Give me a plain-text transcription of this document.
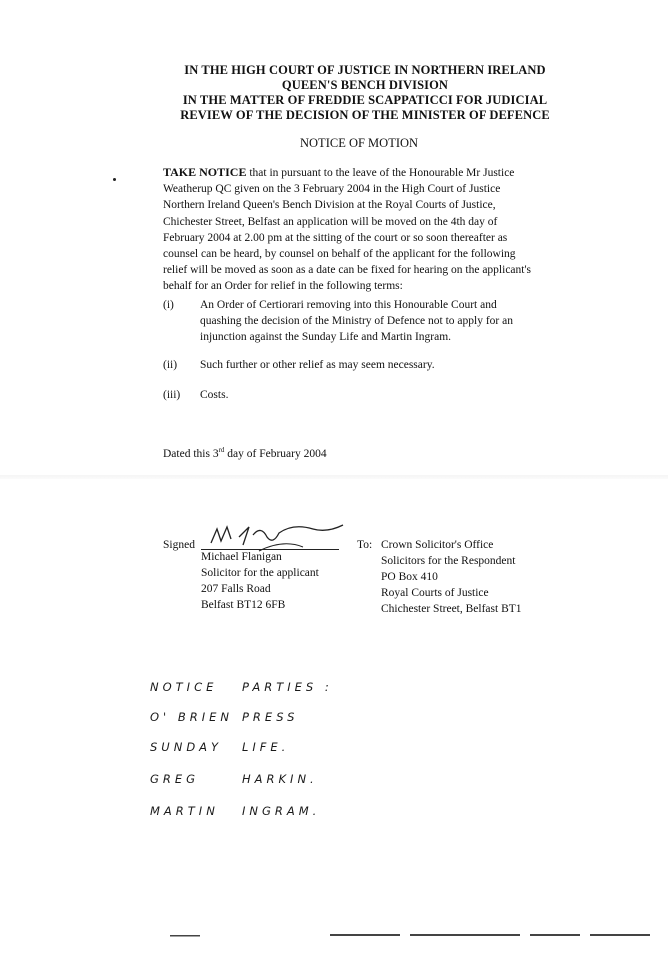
IN THE HIGH COURT OF JUSTICE IN NORTHERN IRELAND
QUEEN'S BENCH DIVISION
IN THE MATTER OF FREDDIE SCAPPATICCI FOR JUDICIAL
REVIEW OF THE DECISION OF THE MINISTER OF DEFENCE
NOTICE OF MOTION
TAKE NOTICE that in pursuant to the leave of the Honourable Mr Justice
Weatherup QC given on the 3 February 2004 in the High Court of Justice
Northern Ireland Queen's Bench Division at the Royal Courts of Justice,
Chichester Street, Belfast an application will be moved on the 4th day of
February 2004 at 2.00 pm at the sitting of the court or so soon thereafter as
counsel can be heard, by counsel on behalf of the applicant for the following
relief will be moved as soon as a date can be fixed for hearing on the applicant's
behalf for an Order for relief in the following terms:
(i)	An Order of Certiorari removing into this Honourable Court and
quashing the decision of the Ministry of Defence not to apply for an
injunction against the Sunday Life and Martin Ingram.
(ii)	Such further or other relief as may seem necessary.
(iii)	Costs.
Dated this 3rd day of February 2004
Signed
Michael Flanigan
Solicitor for the applicant
207 Falls Road
Belfast BT12 6FB
To: Crown Solicitor's Office
Solicitors for the Respondent
PO Box 410
Royal Courts of Justice
Chichester Street, Belfast BT1
NOTICE PARTIES :
O' BRIEN PRESS
SUNDAY LIFE.
GREG	HARKIN.
MARTIN INGRAM.
